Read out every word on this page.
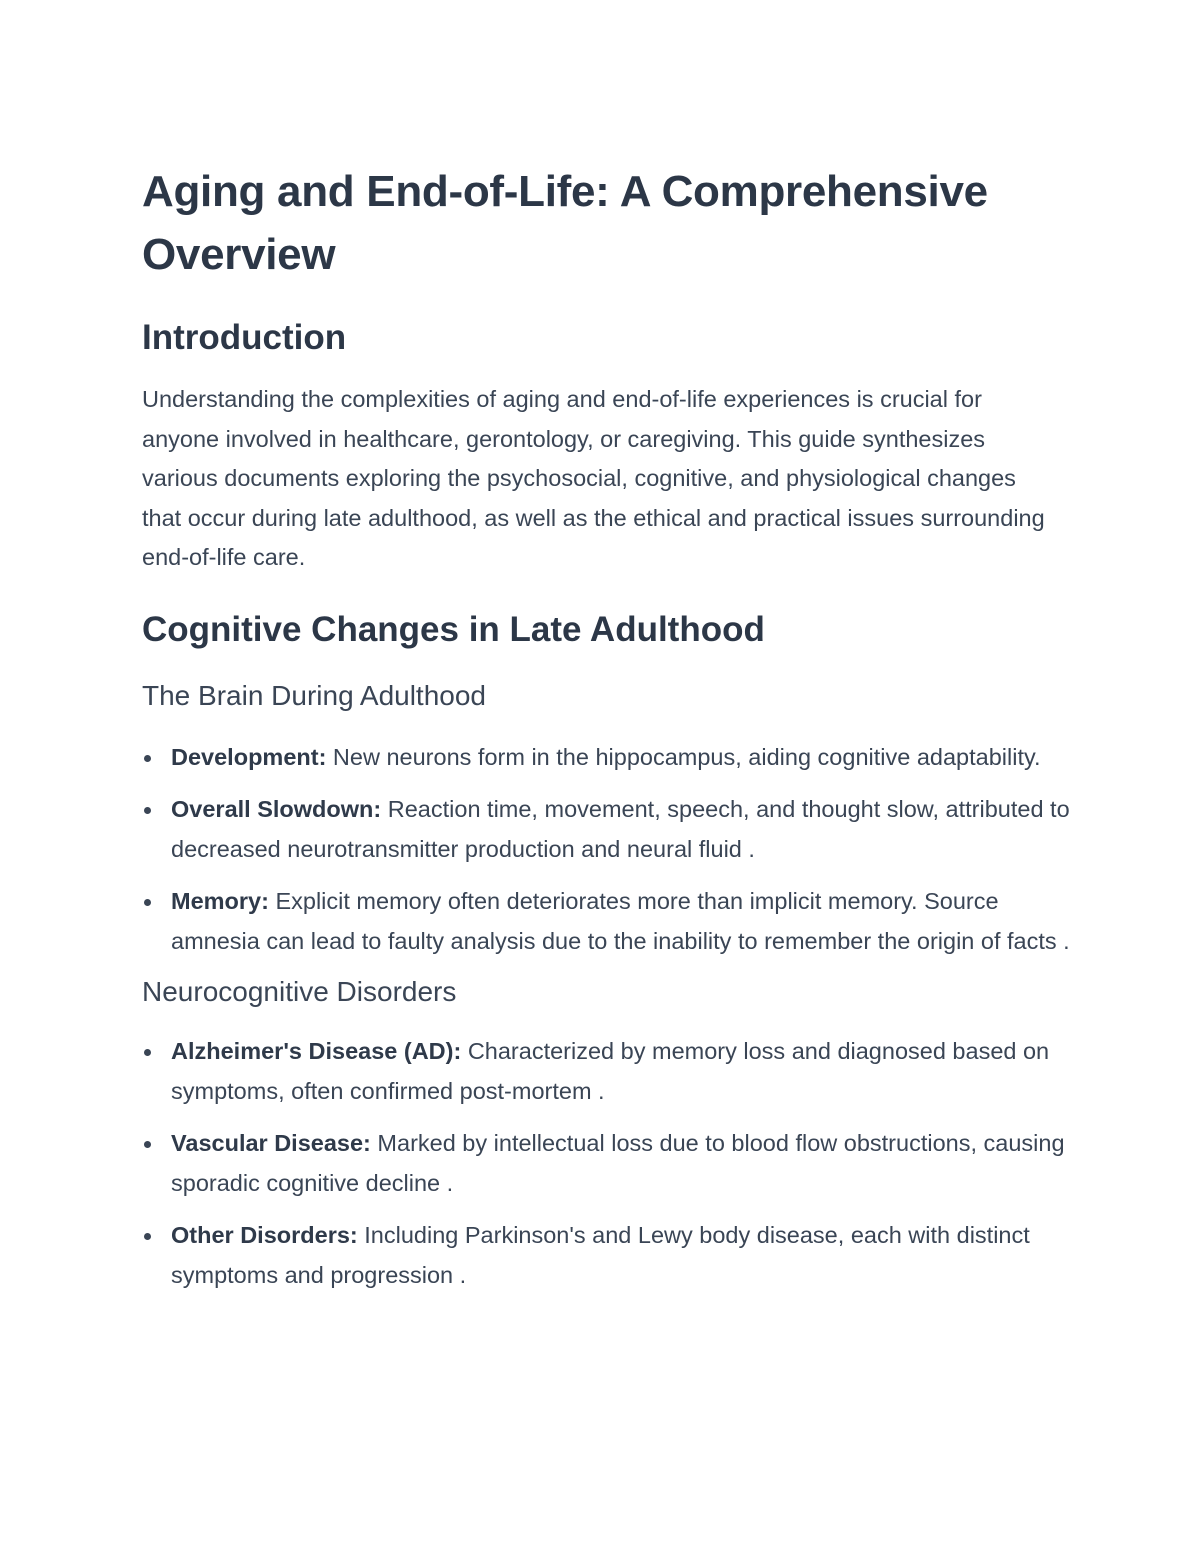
Aging and End-of-Life: A Comprehensive Overview
Introduction

Understanding the complexities of aging and end-of-life experiences is crucial for anyone involved in healthcare, gerontology, or caregiving. This guide synthesizes various documents exploring the psychosocial, cognitive, and physiological changes that occur during late adulthood, as well as the ethical and practical issues surrounding end-of-life care.

Cognitive Changes in Late Adulthood
The Brain During Adulthood
Development: New neurons form in the hippocampus, aiding cognitive adaptability.
Overall Slowdown: Reaction time, movement, speech, and thought slow, attributed to decreased neurotransmitter production and neural fluid .
Memory: Explicit memory often deteriorates more than implicit memory. Source amnesia can lead to faulty analysis due to the inability to remember the origin of facts .
Neurocognitive Disorders
Alzheimer's Disease (AD): Characterized by memory loss and diagnosed based on symptoms, often confirmed post-mortem .
Vascular Disease: Marked by intellectual loss due to blood flow obstructions, causing sporadic cognitive decline .
Other Disorders: Including Parkinson's and Lewy body disease, each with distinct symptoms and progression .
